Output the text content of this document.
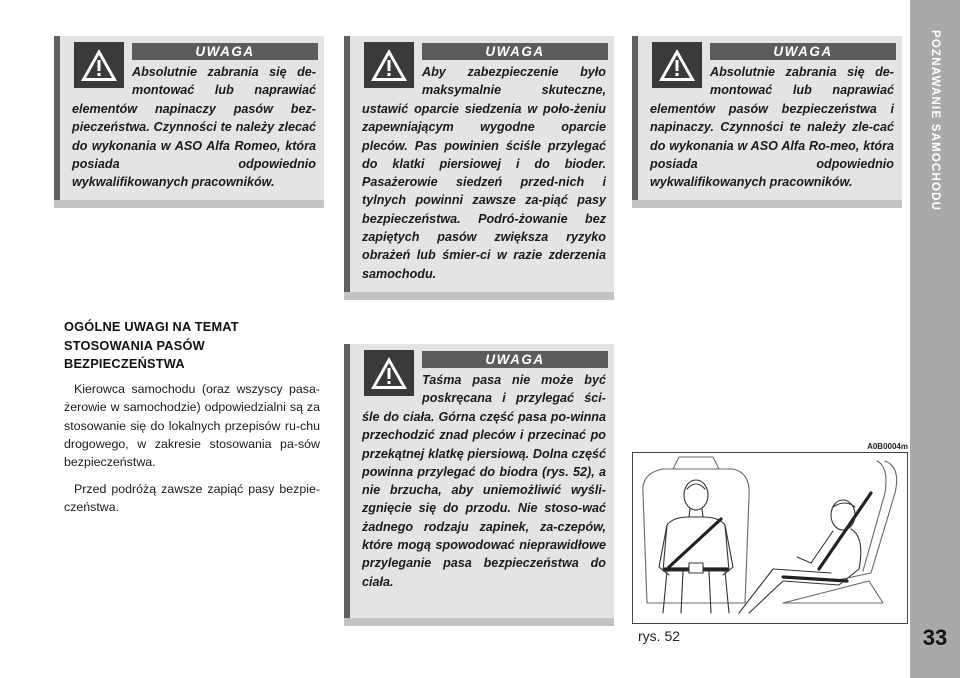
POZNAWANIE SAMOCHODU
33
UWAGA

Absolutnie zabrania się de-

montować lub naprawiać

elementów napinaczy pasów bez-pieczeństwa. Czynności te należy zlecać do wykonania w ASO Alfa Romeo, która posiada odpowiednio wykwalifikowanych pracowników.

UWAGA

Aby zabezpieczenie było

maksymalnie skuteczne,

ustawić oparcie siedzenia w poło-żeniu zapewniającym wygodne oparcie pleców. Pas powinien ściśle przylegać do klatki piersiowej i do bioder. Pasażerowie siedzeń przed-nich i tylnych powinni zawsze za-piąć pasy bezpieczeństwa. Podró-żowanie bez zapiętych pasów zwiększa ryzyko obrażeń lub śmier-ci w razie zderzenia samochodu.

UWAGA

Absolutnie zabrania się de-

montować lub naprawiać

elementów pasów bezpieczeństwa i napinaczy. Czynności te należy zle-cać do wykonania w ASO Alfa Ro-meo, która posiada odpowiednio wykwalifikowanych pracowników.

OGÓLNE UWAGI NA TEMAT STOSOWANIA PASÓW BEZPIECZEŃSTWA

Kierowca samochodu (oraz wszyscy pasa-żerowie w samochodzie) odpowiedzialni są za stosowanie się do lokalnych przepisów ru-chu drogowego, w zakresie stosowania pa-sów bezpieczeństwa.

Przed podróżą zawsze zapiąć pasy bezpie-czeństwa.

UWAGA

Taśma pasa nie może być

poskręcana i przylegać ści-

śle do ciała. Górna część pasa po-winna przechodzić znad pleców i przecinać po przekątnej klatkę piersiową. Dolna część powinna przylegać do biodra (rys. 52), a nie brzucha, aby uniemożliwić wyśli-zgnięcie się do przodu. Nie stoso-wać żadnego rodzaju zapinek, za-czepów, które mogą spowodować nieprawidłowe przyleganie pasa bezpieczeństwa do ciała.

A0B0004m
rys. 52
